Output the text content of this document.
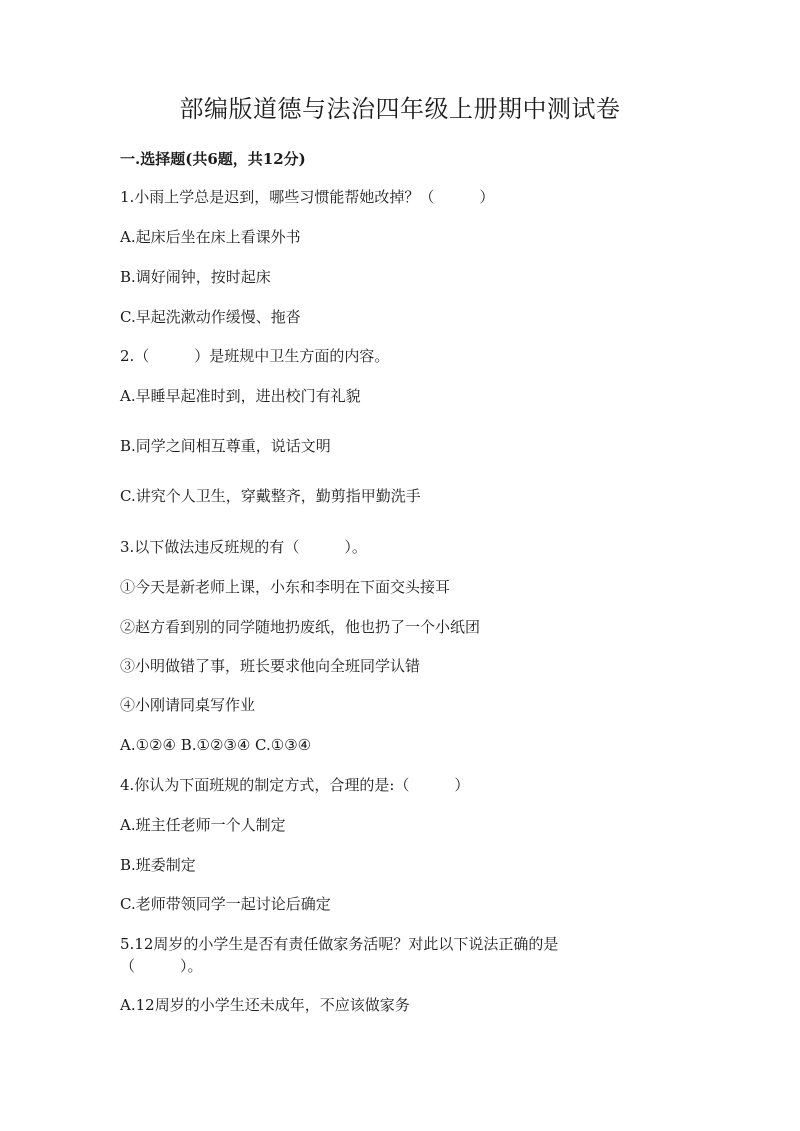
部编版道德与法治四年级上册期中测试卷
一.选择题(共6题，共12分)
1.小雨上学总是迟到，哪些习惯能帮她改掉？（　　　）
A.起床后坐在床上看课外书
B.调好闹钟，按时起床
C.早起洗漱动作缓慢、拖沓
2.（　　　）是班规中卫生方面的内容。
A.早睡早起准时到，进出校门有礼貌
B.同学之间相互尊重，说话文明
C.讲究个人卫生，穿戴整齐，勤剪指甲勤洗手
3.以下做法违反班规的有（　　　）。
①今天是新老师上课，小东和李明在下面交头接耳
②赵方看到别的同学随地扔废纸，他也扔了一个小纸团
③小明做错了事，班长要求他向全班同学认错
④小刚请同桌写作业
A.①②④ B.①②③④ C.①③④
4.你认为下面班规的制定方式，合理的是:（　　　）
A.班主任老师一个人制定
B.班委制定
C.老师带领同学一起讨论后确定
5.12周岁的小学生是否有责任做家务活呢？对此以下说法正确的是
（　　　）。
A.12周岁的小学生还未成年，不应该做家务
